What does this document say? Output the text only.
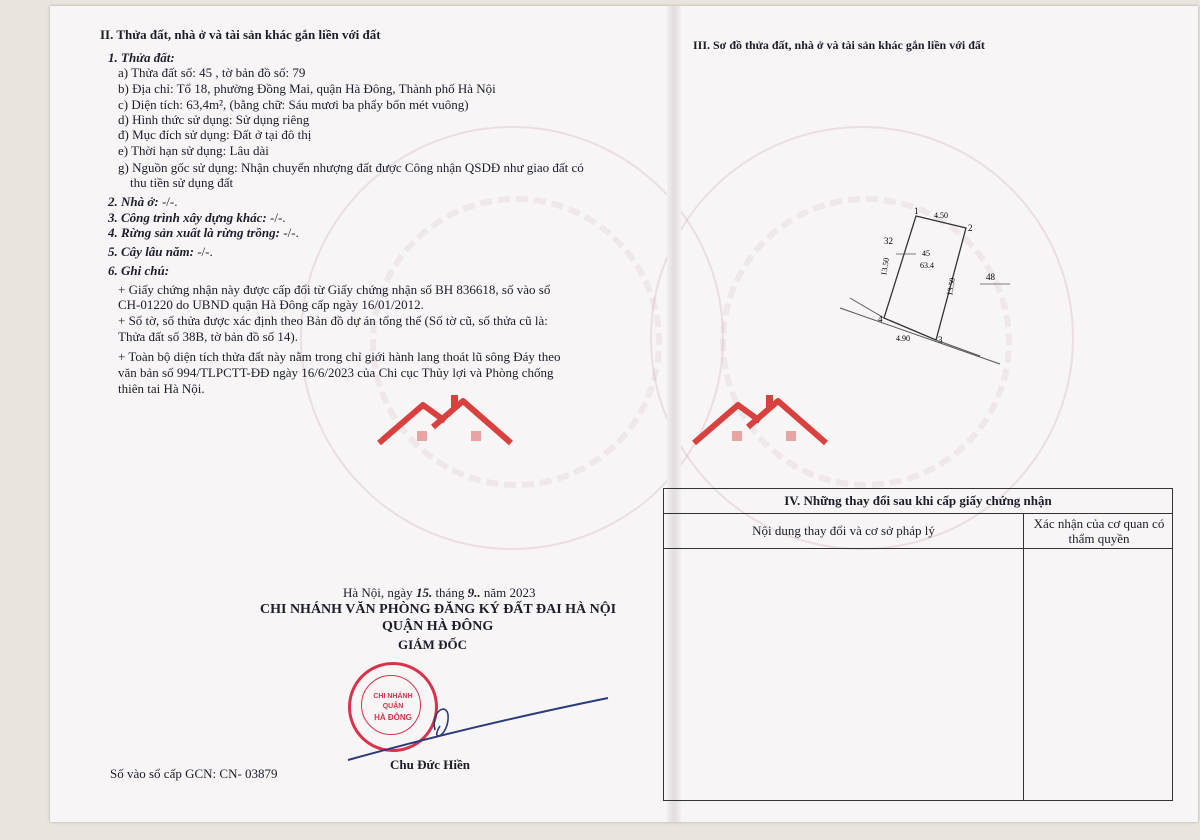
II. Thửa đất, nhà ở và tài sản khác gắn liền với đất
1. Thửa đất:
a) Thửa đất số: 45 , tờ bản đồ số: 79
b) Địa chỉ: Tổ 18, phường Đồng Mai, quận Hà Đông, Thành phố Hà Nội
c) Diện tích: 63,4m², (bằng chữ: Sáu mươi ba phẩy bốn mét vuông)
d) Hình thức sử dụng: Sử dụng riêng
đ) Mục đích sử dụng: Đất ở tại đô thị
e) Thời hạn sử dụng: Lâu dài
g) Nguồn gốc sử dụng: Nhận chuyển nhượng đất được Công nhận QSDĐ như giao đất có
thu tiền sử dụng đất
2. Nhà ở: -/-.
3. Công trình xây dựng khác: -/-.
4. Rừng sản xuất là rừng trồng: -/-.
5. Cây lâu năm: -/-.
6. Ghi chú:
+ Giấy chứng nhận này được cấp đổi từ Giấy chứng nhận số BH 836618, số vào sổ
CH-01220 do UBND quận Hà Đông cấp ngày 16/01/2012.
+ Số tờ, số thửa được xác định theo Bản đồ dự án tổng thể (Số tờ cũ, số thửa cũ là:
Thửa đất số 38B, tờ bản đồ số 14).
+ Toàn bộ diện tích thửa đất này nằm trong chỉ giới hành lang thoát lũ sông Đáy theo
văn bản số 994/TLPCTT-ĐĐ ngày 16/6/2023 của Chi cục Thủy lợi và Phòng chống
thiên tai Hà Nội.
Hà Nội, ngày 15. tháng 9.. năm 2023
CHI NHÁNH VĂN PHÒNG ĐĂNG KÝ ĐẤT ĐAI HÀ NỘI
QUẬN HÀ ĐÔNG
GIÁM ĐỐC
CHI NHÁNH
QUẬN
HÀ ĐÔNG
Chu Đức Hiền
Số vào sổ cấp GCN: CN- 03879
III. Sơ đồ thửa đất, nhà ở và tài sản khác gắn liền với đất
1
2
3
4
4.50
4.90
13.50
13.50
45
63.4
32
48
IV. Những thay đổi sau khi cấp giấy chứng nhận
Nội dung thay đổi và cơ sở pháp lý	Xác nhận của cơ quan có thẩm quyền
